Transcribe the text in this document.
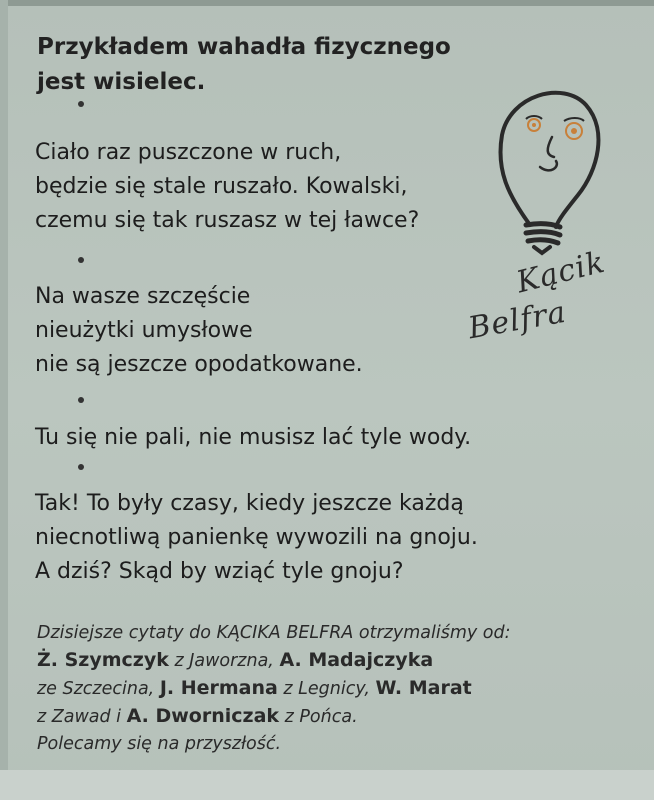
Przykładem wahadła fizycznego
jest wisielec.
Ciało raz puszczone w ruch,
będzie się stale ruszało. Kowalski,
czemu się tak ruszasz w tej ławce?
Na wasze szczęście
nieużytki umysłowe
nie są jeszcze opodatkowane.
Tu się nie pali, nie musisz lać tyle wody.
Tak! To były czasy, kiedy jeszcze każdą
niecnotliwą panienkę wywozili na gnoju.
A dziś? Skąd by wziąć tyle gnoju?
Kącik
Belfra
Dzisiejsze cytaty do KĄCIKA BELFRA otrzymaliśmy od:
Ż. Szymczyk z Jaworzna, A. Madajczyka
ze Szczecina, J. Hermana z Legnicy, W. Marat
z Zawad i A. Dworniczak z Pońca.
Polecamy się na przyszłość.
